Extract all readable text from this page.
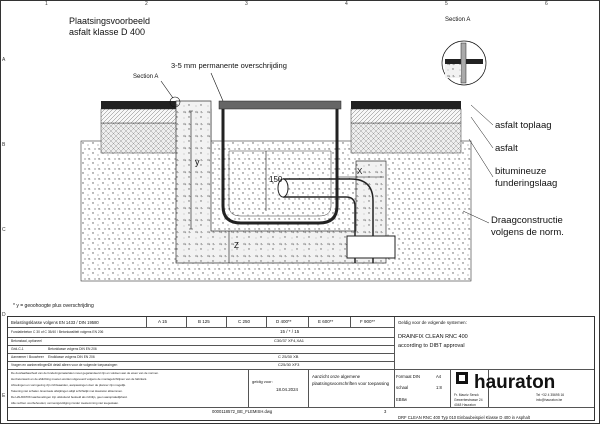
1	2	3	4	5	6
A
B
C
D
E
Plaatsingsvoorbeeld
asfalt klasse D 400
3-5 mm permanente overschrijding
Section A
Section A
y
150
X
Z
asfalt toplaag
asfalt
bitumineuze
funderingslaag
Draagconstructie
volgens de norm.
* y = geoohoogte plus overschrijding
Belastingsklasse volgens EN 1433 / DIN 19580	A 15	B 125	C 250	D 400**	E 600**	F 900**	Geldig voor de volgende systemen:
DRAINFIX CLEAN RNC 400
according to DIBT approval
Fundatiebeton C 30 of C 35/40 / Betonkwaliteit volgens EN 206	15 / * / 15
Betonstaal, optioneel	C30/37 XF4,XA1
Grid-C-1	Betonklasse volgens DIN EN 206
Aannemer / Bouwheer Eindklasse volgens DIN EN 206	C 25/30 XB
Vragen en aanbevelingen Dit detail alleen voor de volgende toepassingen	C25/30 XF3
De doorlaatbaarheid van de funderingsmaterialen moet gegarandeerd zijn en voldoen aan de eisen van de normen.
Het betonwerk en de afdichting moeten worden uitgevoerd volgens de montagerichtlijnen van de fabrikant.
Afmetingen en vormgeving zijn richtwaarden, aanpassingen door de planner zijn mogelijk.
Tekening niet schalen. Eventuele afwijkingen altijd schriftelijk met Hauraton afstemmen.
De HAURATON aanbevelingen zijn uitsluitend bedoeld als richtlijn, geen aansprakelijkheid.
Alle rechten voorbehouden; vermenigvuldiging zonder toestemming niet toegestaan.
geldig voor:
18.04.2024
Aanzicht onze algemene
plaatsingsvoorschriften voor toepassing
Formaat DIN	A4
schaal	1:8
EB8w
hauraton
Fr. Mauriz Senck
Gewerbestrasse 24
4048 Hauraton
Tel +32 4 35695 16
info@hauraton.be
0000118572_BE_FLEMISH.dwg	3
DRF CLEAN RNC 400 Typ 010 Einbaubeispiel Klasse D 400 in Asphalt
